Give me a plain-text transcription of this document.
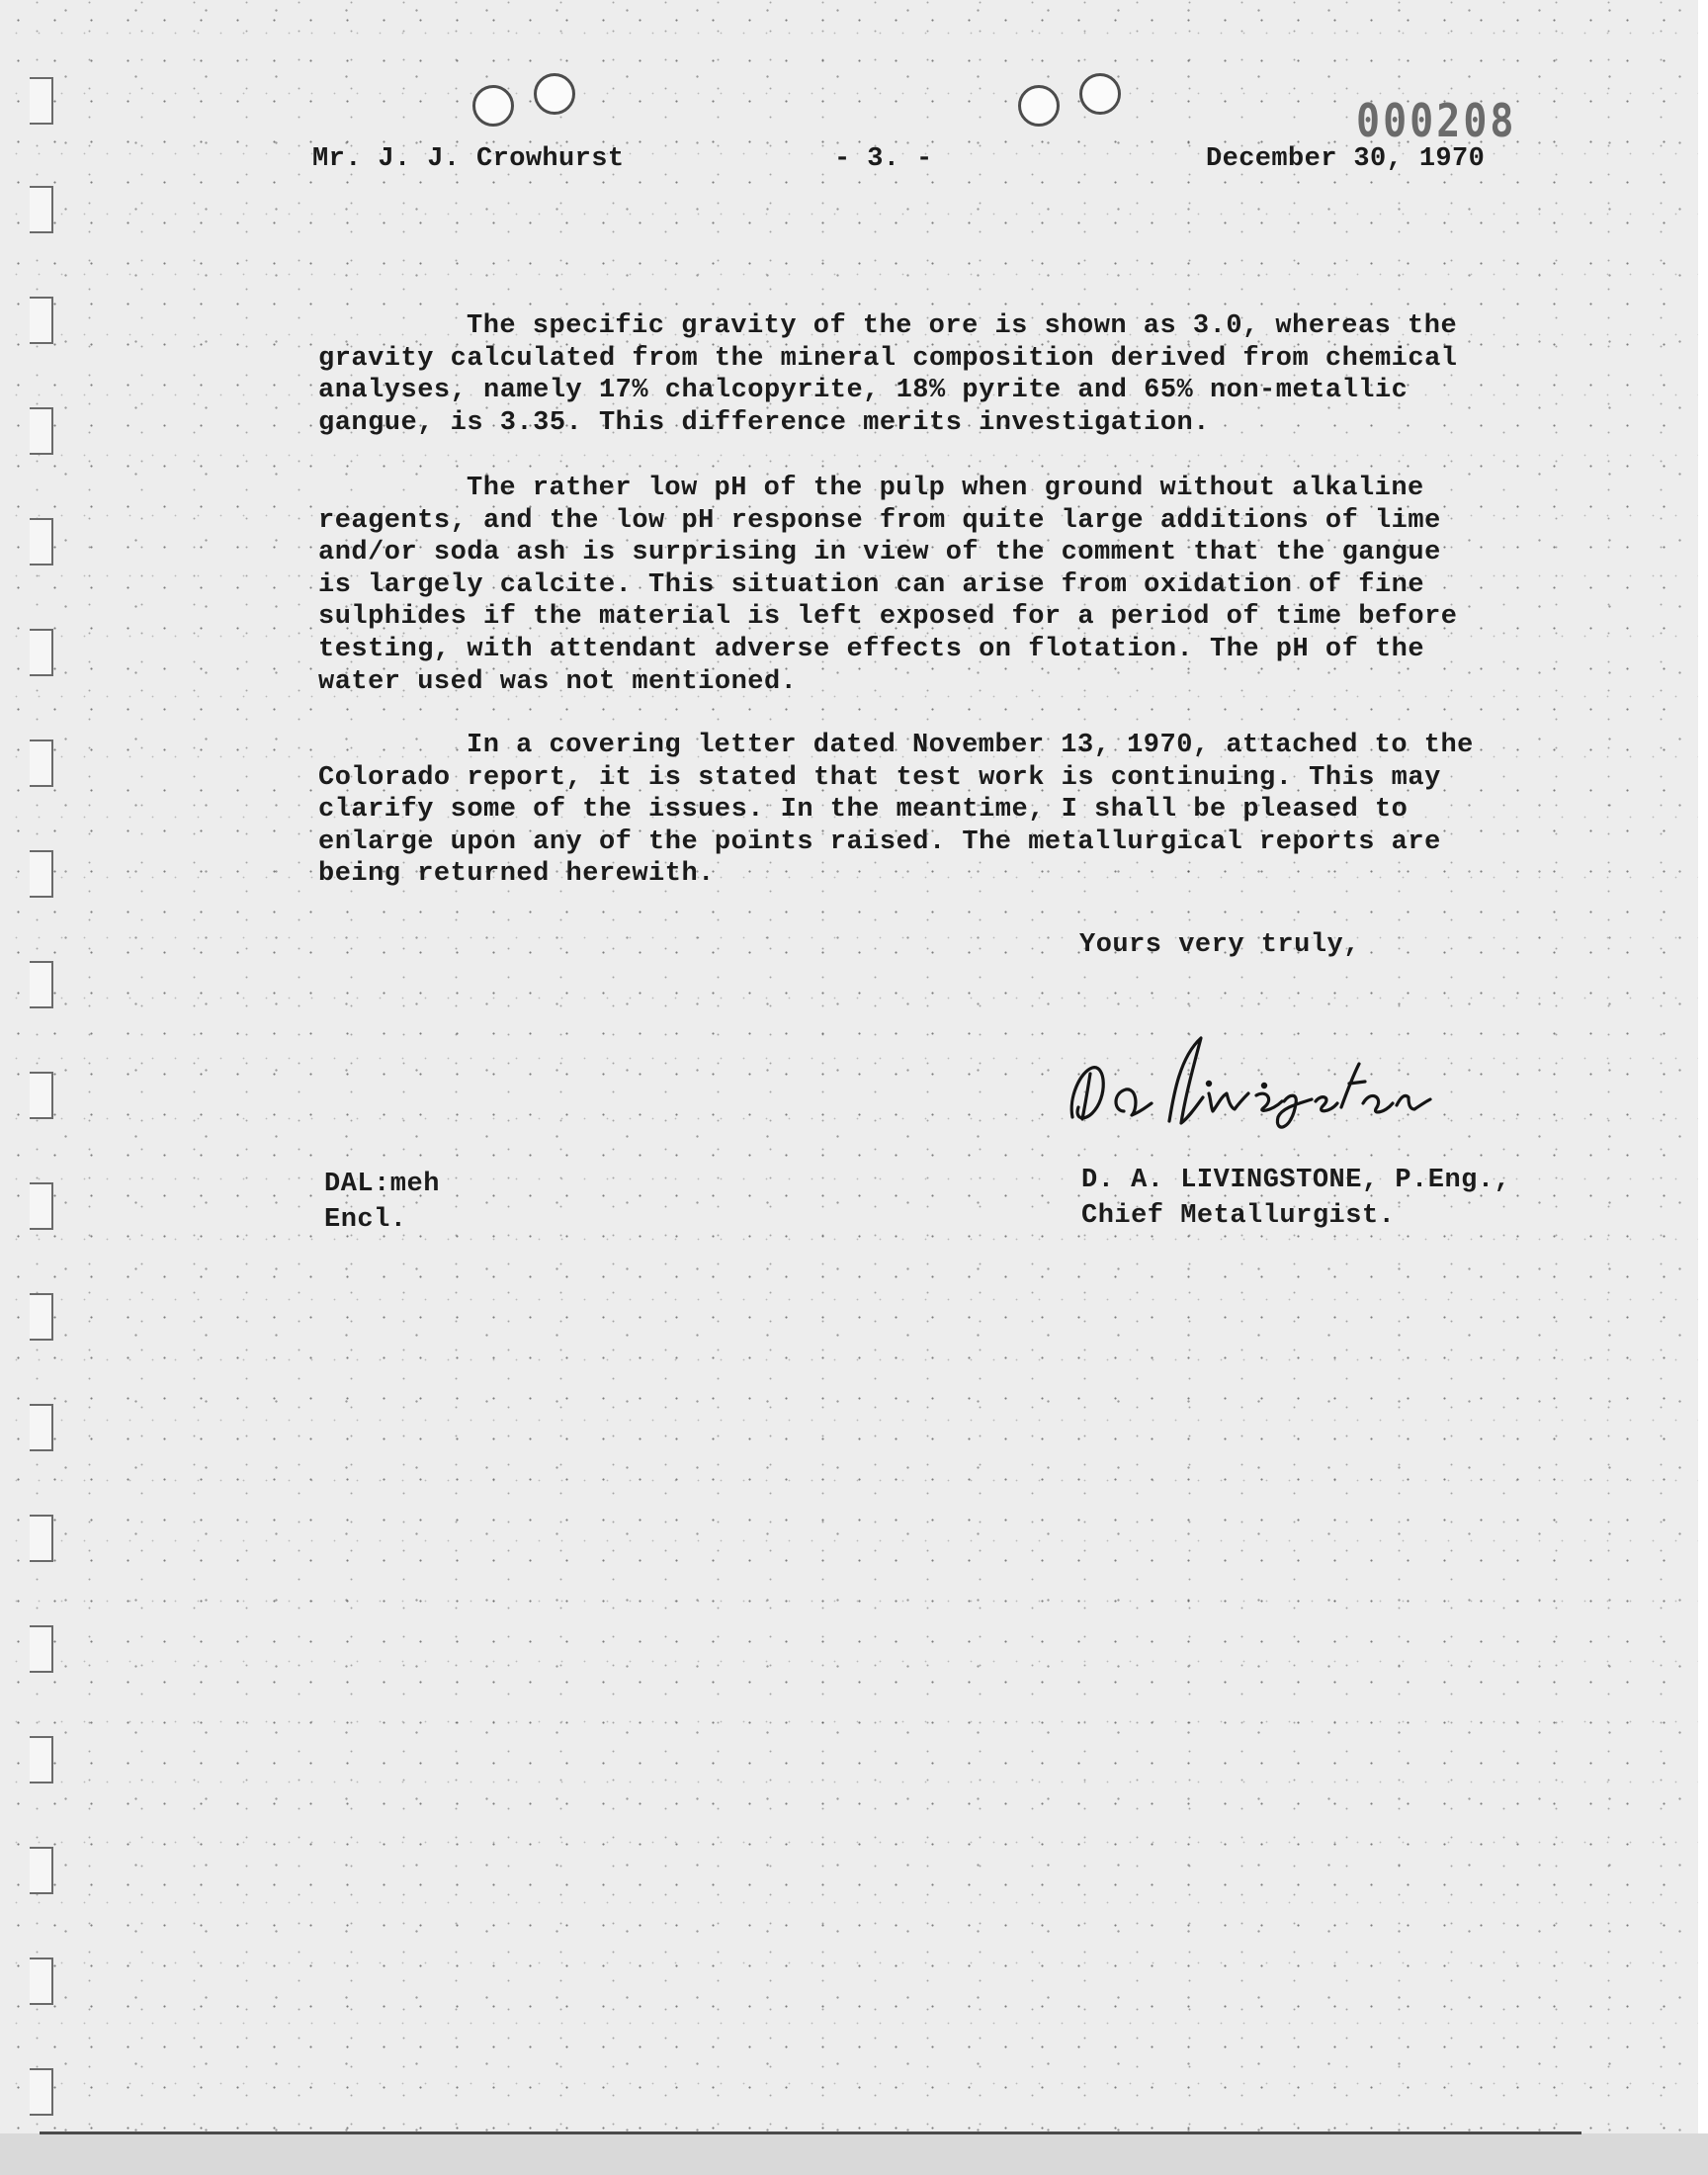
Mr. J. J. Crowhurst	- 3. -	December 30, 1970
000208

The specific gravity of the ore is shown as 3.0, whereas the
gravity calculated from the mineral composition derived from chemical
analyses, namely 17% chalcopyrite, 18% pyrite and 65% non-metallic
gangue, is 3.35. This difference merits investigation.

The rather low pH of the pulp when ground without alkaline
reagents, and the low pH response from quite large additions of lime
and/or soda ash is surprising in view of the comment that the gangue
is largely calcite. This situation can arise from oxidation of fine
sulphides if the material is left exposed for a period of time before
testing, with attendant adverse effects on flotation. The pH of the
water used was not mentioned.

In a covering letter dated November 13, 1970, attached to the
Colorado report, it is stated that test work is continuing. This may
clarify some of the issues. In the meantime, I shall be pleased to
enlarge upon any of the points raised. The metallurgical reports are
being returned herewith.

Yours very truly,
D. A. LIVINGSTONE, P.Eng.,
Chief Metallurgist.
DAL:meh
Encl.
